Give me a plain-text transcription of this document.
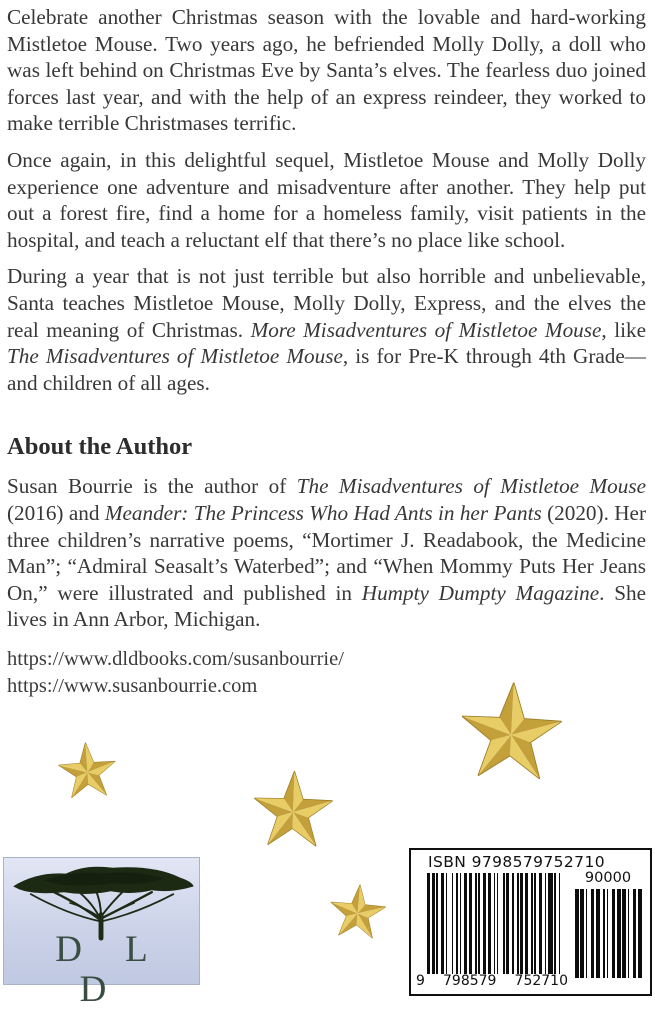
Celebrate another Christmas season with the lovable and hard-working Mistletoe Mouse. Two years ago, he befriended Molly Dolly, a doll who was left behind on Christmas Eve by Santa’s elves. The fearless duo joined forces last year, and with the help of an express reindeer, they worked to make terrible Christmases terrific.

Once again, in this delightful sequel, Mistletoe Mouse and Molly Dolly experience one adventure and misadventure after another. They help put out a forest fire, find a home for a homeless family, visit patients in the hospital, and teach a reluctant elf that there’s no place like school.

During a year that is not just terrible but also horrible and unbelievable, Santa teaches Mistletoe Mouse, Molly Dolly, Express, and the elves the real meaning of Christmas. More Misadventures of Mistletoe Mouse, like The Misadventures of Mistletoe Mouse, is for Pre-K through 4th Grade—and children of all ages.

About the Author

Susan Bourrie is the author of The Misadventures of Mistletoe Mouse (2016) and Meander: The Princess Who Had Ants in her Pants (2020). Her three children’s narrative poems, “Mortimer J. Readabook, the Medicine Man”; “Admiral Seasalt’s Waterbed”; and “When Mommy Puts Her Jeans On,” were illustrated and published in Humpty Dumpty Magazine. She lives in Ann Arbor, Michigan.

https://www.dldbooks.com/susanbourrie/
https://www.susanbourrie.com
D L D
ISBN 9798579752710
9 798579 752710
90000
